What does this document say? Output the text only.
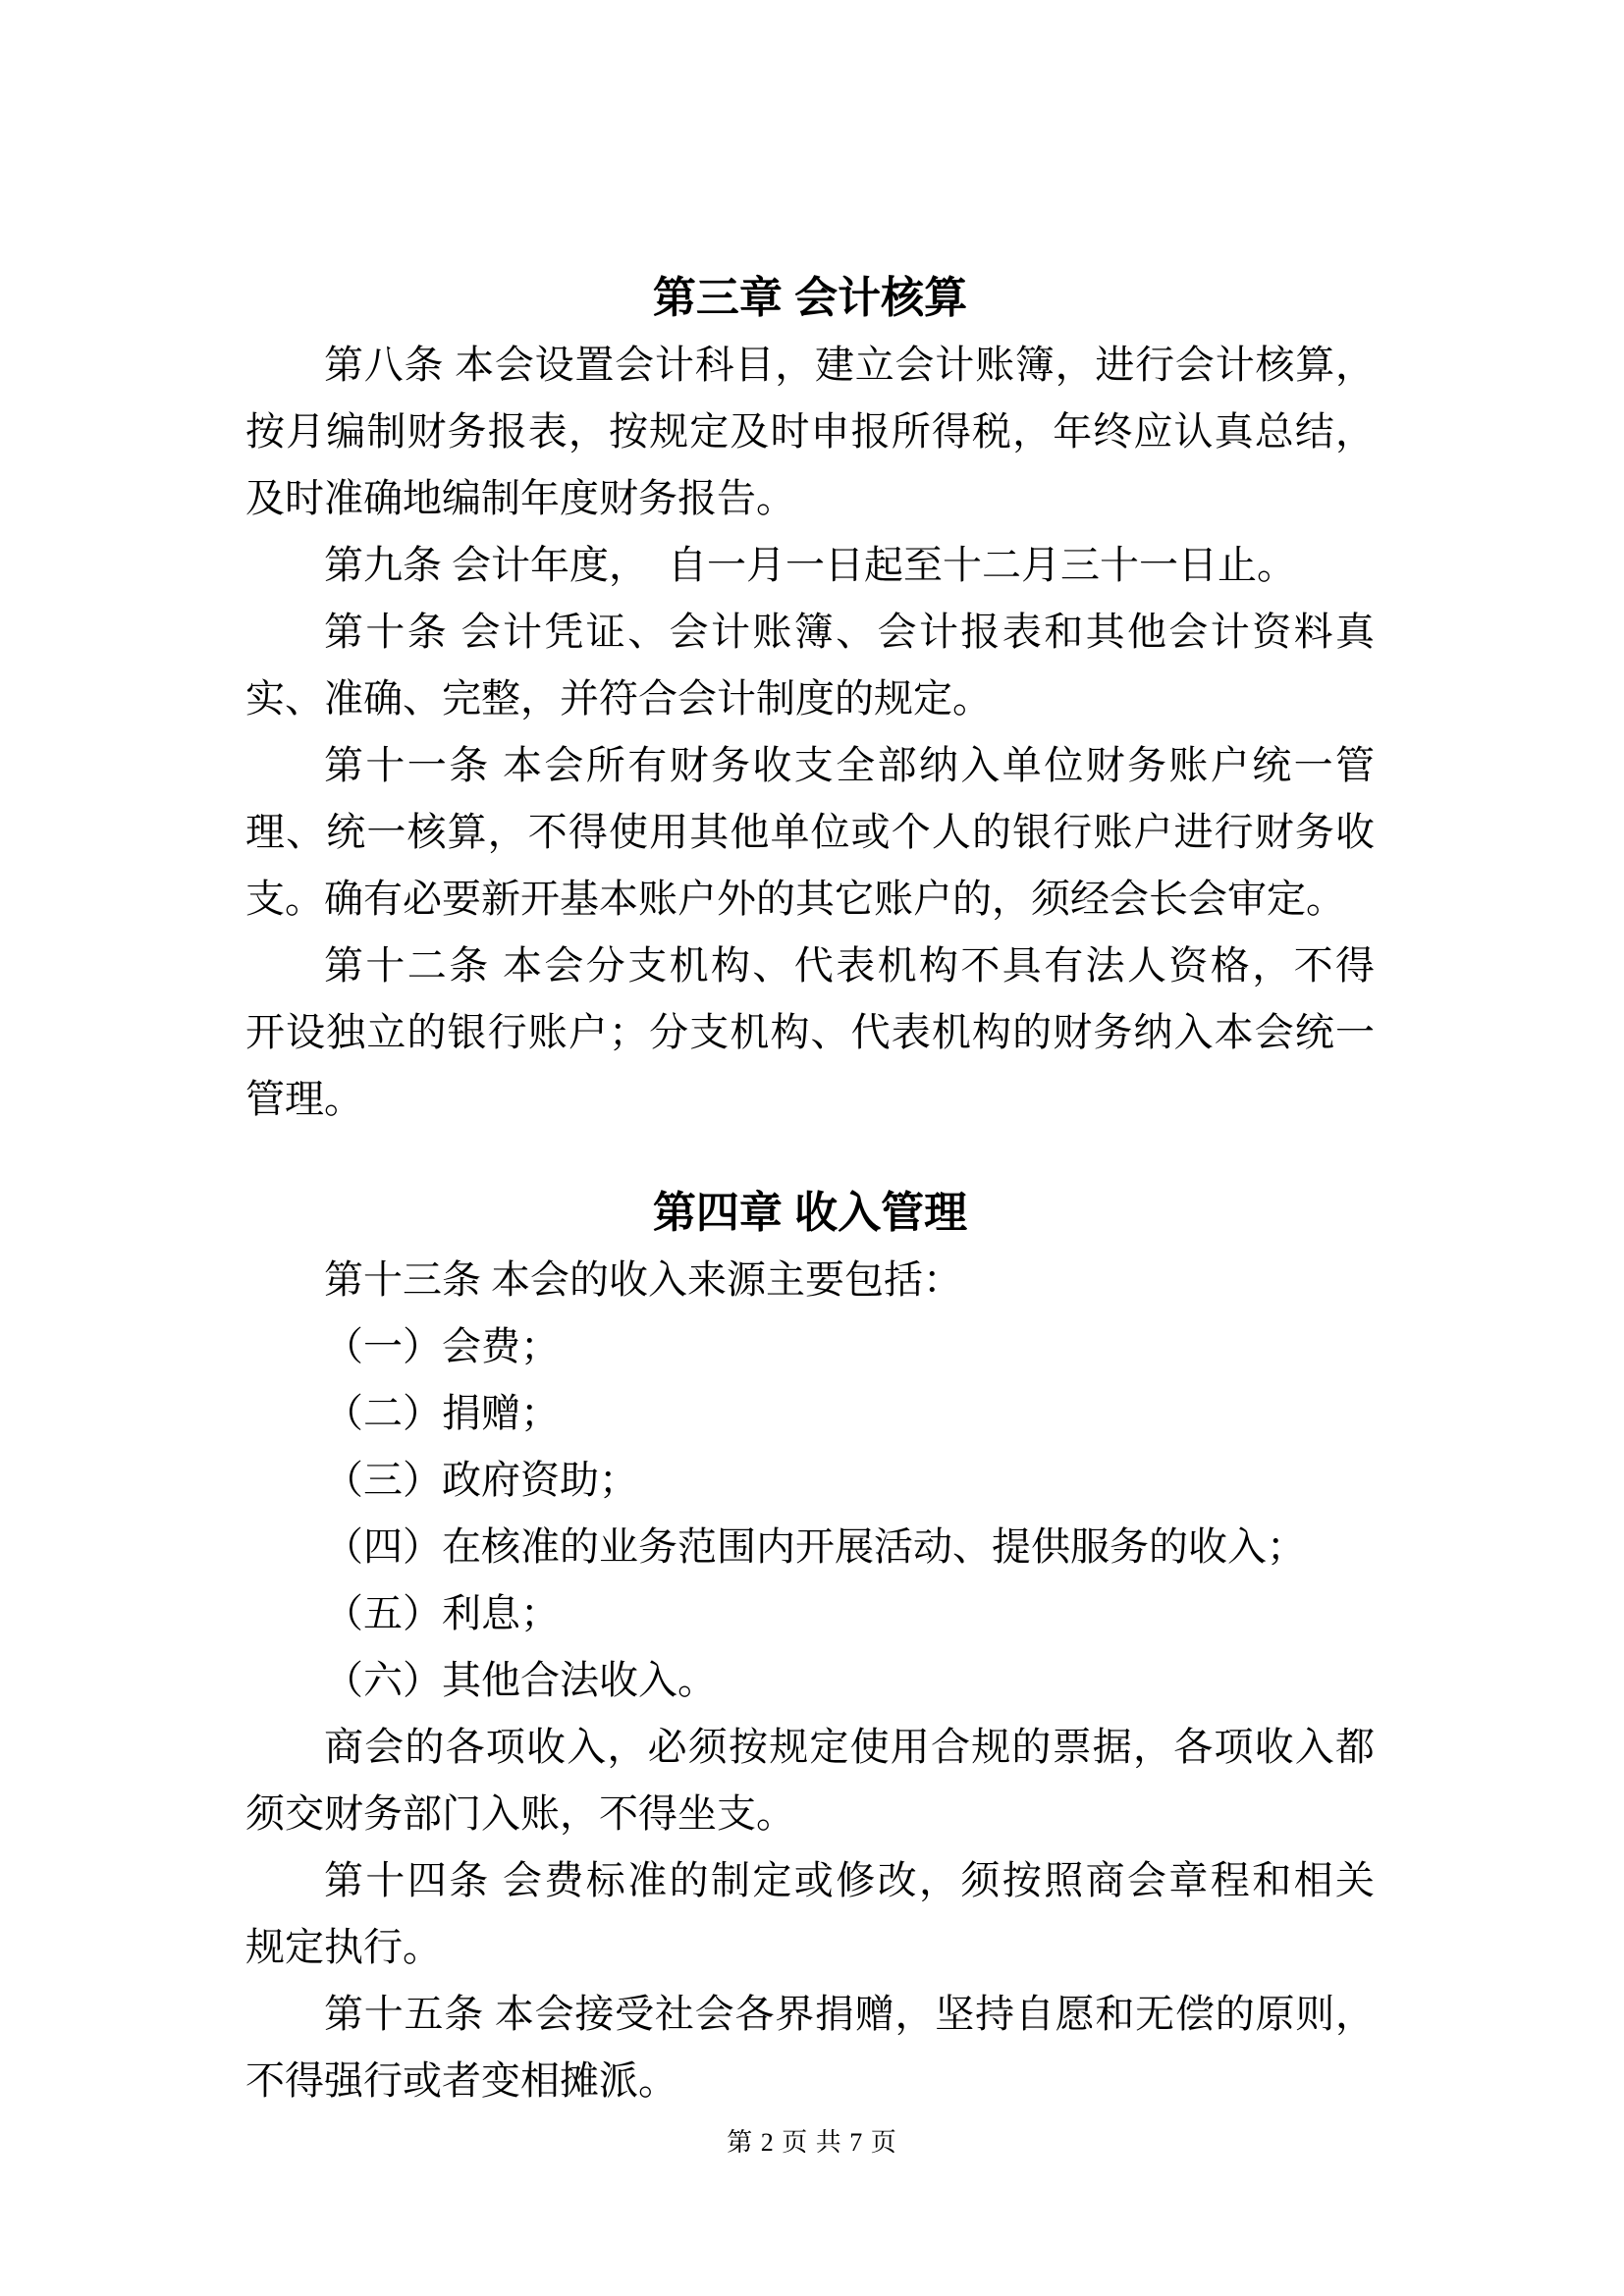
第三章 会计核算
第八条 本会设置会计科目，建立会计账簿，进行会计核算，
按月编制财务报表，按规定及时申报所得税，年终应认真总结，
及时准确地编制年度财务报告。
第九条 会计年度，　自一月一日起至十二月三十一日止。
第十条 会计凭证、会计账簿、会计报表和其他会计资料真
实、准确、完整，并符合会计制度的规定。
第十一条 本会所有财务收支全部纳入单位财务账户统一管
理、统一核算，不得使用其他单位或个人的银行账户进行财务收
支。确有必要新开基本账户外的其它账户的，须经会长会审定。
第十二条 本会分支机构、代表机构不具有法人资格，不得
开设独立的银行账户；分支机构、代表机构的财务纳入本会统一
管理。
第四章 收入管理
第十三条 本会的收入来源主要包括：
（一）会费；
（二）捐赠；
（三）政府资助；
（四）在核准的业务范围内开展活动、提供服务的收入；
（五）利息；
（六）其他合法收入。
商会的各项收入，必须按规定使用合规的票据，各项收入都
须交财务部门入账，不得坐支。
第十四条 会费标准的制定或修改，须按照商会章程和相关
规定执行。
第十五条 本会接受社会各界捐赠，坚持自愿和无偿的原则，
不得强行或者变相摊派。
第 2 页 共 7 页
